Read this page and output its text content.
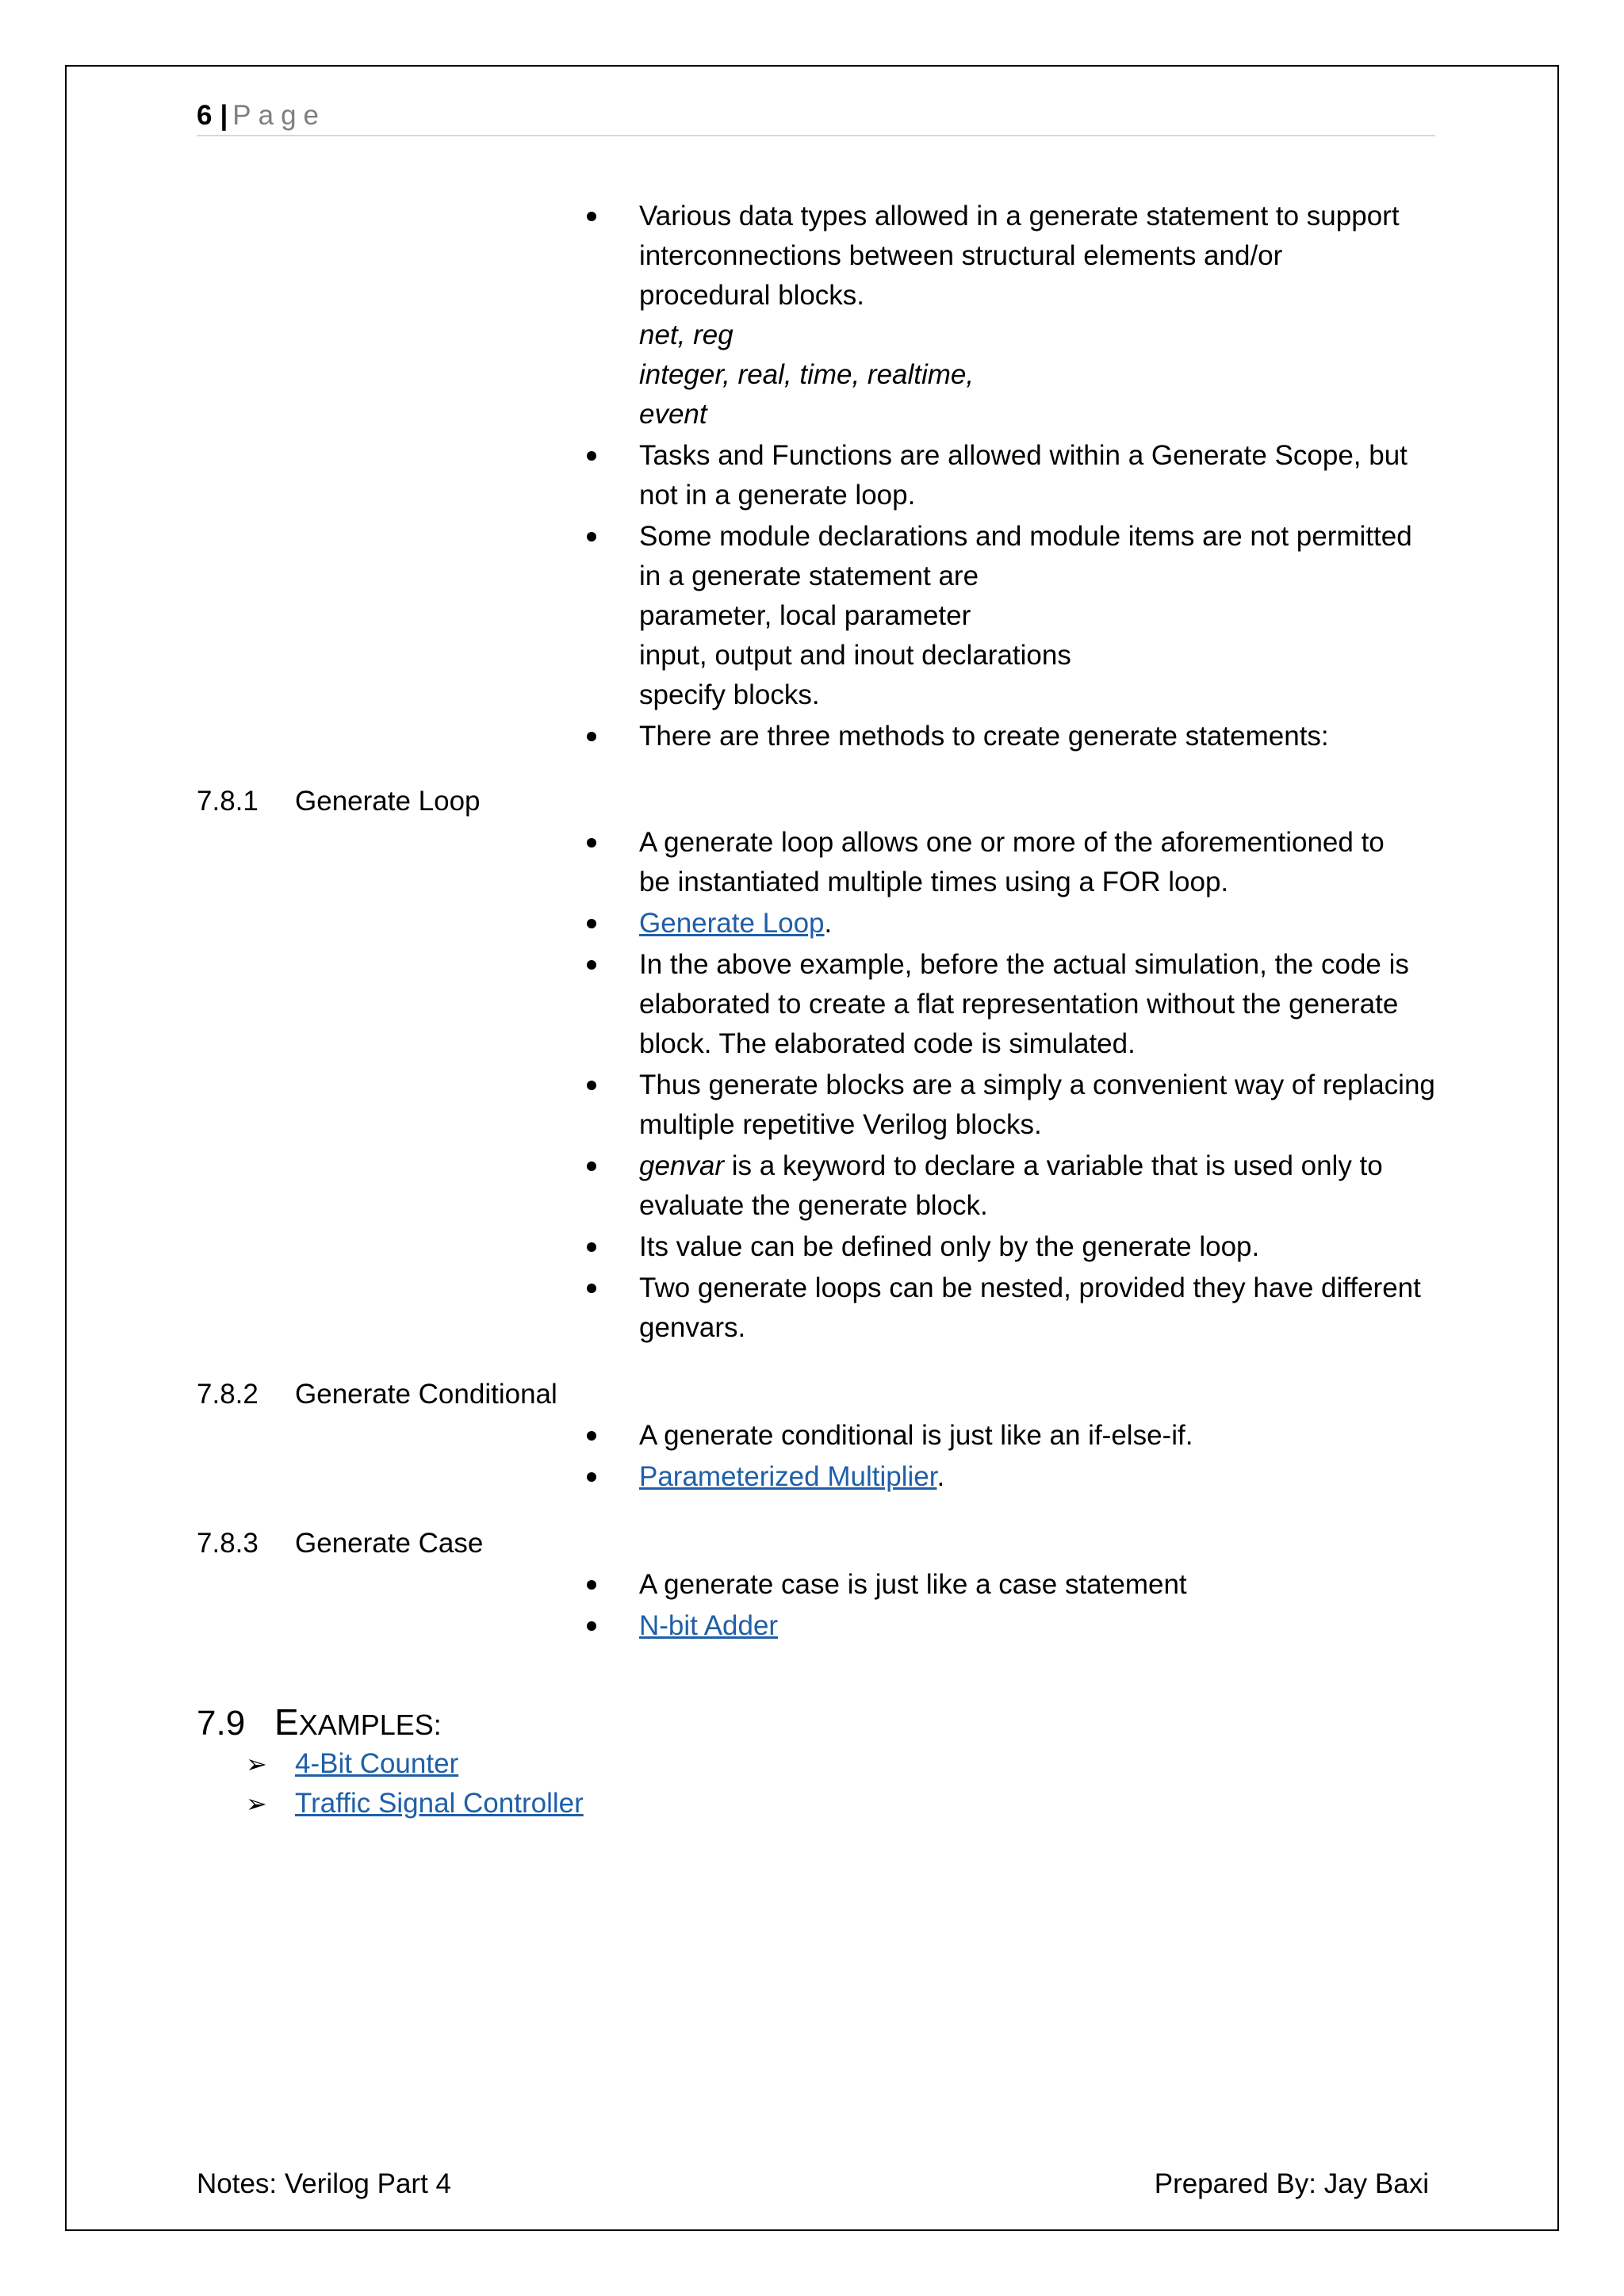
6 | Page
Various data types allowed in a generate statement to support
interconnections between structural elements and/or
procedural blocks.
net, reg
integer, real, time, realtime,
event
Tasks and Functions are allowed within a Generate Scope, but
not in a generate loop.
Some module declarations and module items are not permitted
in a generate statement are
parameter, local parameter
input, output and inout declarations
specify blocks.
There are three methods to create generate statements:
7.8.1 Generate Loop
A generate loop allows one or more of the aforementioned to
be instantiated multiple times using a FOR loop.
Generate Loop.
In the above example, before the actual simulation, the code is
elaborated to create a flat representation without the generate
block. The elaborated code is simulated.
Thus generate blocks are a simply a convenient way of replacing
multiple repetitive Verilog blocks.
genvar is a keyword to declare a variable that is used only to
evaluate the generate block.
Its value can be defined only by the generate loop.
Two generate loops can be nested, provided they have different
genvars.
7.8.2 Generate Conditional
A generate conditional is just like an if-else-if.
Parameterized Multiplier.
7.8.3 Generate Case
A generate case is just like a case statement
N-bit Adder
7.9 EXAMPLES:
➢ 4-Bit Counter
➢ Traffic Signal Controller
Notes: Verilog Part 4	Prepared By: Jay Baxi
